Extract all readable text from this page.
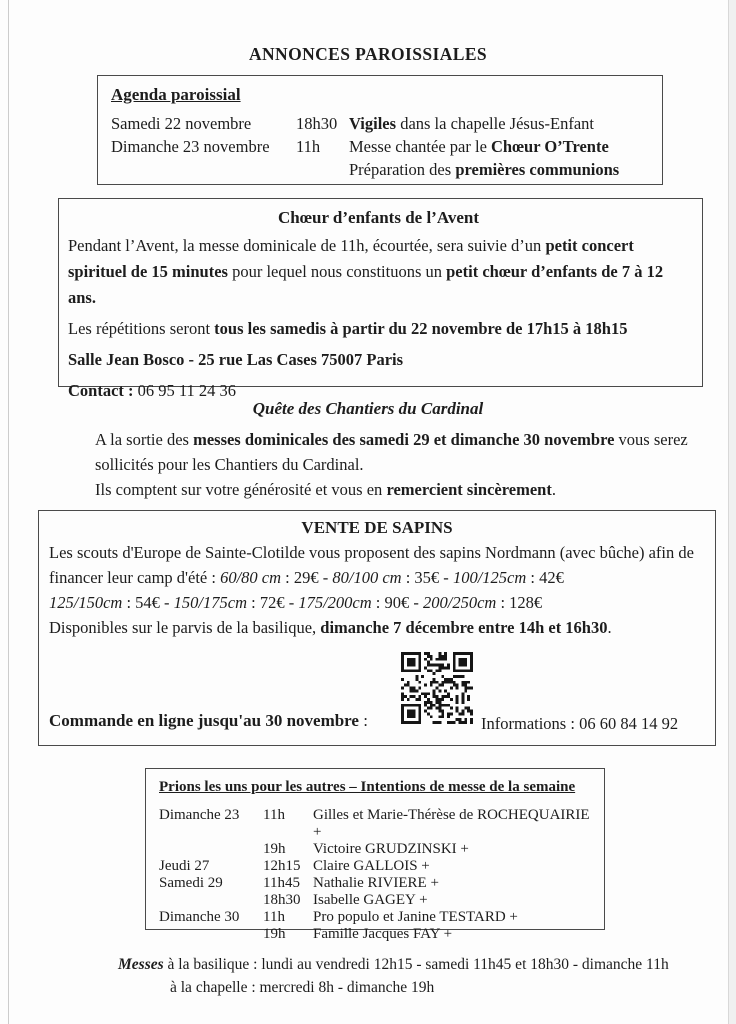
ANNONCES PAROISSIALES
Agenda paroissial
Samedi 22 novembre	18h30 Vigiles dans la chapelle Jésus-Enfant
Dimanche 23 novembre	11h	Messe chantée par le Chœur O’Trente
Préparation des premières communions
Chœur d’enfants de l’Avent

Pendant l’Avent, la messe dominicale de 11h, écourtée, sera suivie d’un petit concert spirituel de 15 minutes pour lequel nous constituons un petit chœur d’enfants de 7 à 12 ans.

Les répétitions seront tous les samedis à partir du 22 novembre de 17h15 à 18h15

Salle Jean Bosco - 25 rue Las Cases 75007 Paris

Contact : 06 95 11 24 36

Quête des Chantiers du Cardinal
A la sortie des messes dominicales des samedi 29 et dimanche 30 novembre vous serez sollicités pour les Chantiers du Cardinal.
Ils comptent sur votre générosité et vous en remercient sincèrement.
VENTE DE SAPINS

Les scouts d'Europe de Sainte-Clotilde vous proposent des sapins Nordmann (avec bûche) afin de financer leur camp d'été : 60/80 cm : 29€ - 80/100 cm : 35€ - 100/125cm : 42€

125/150cm : 54€ - 150/175cm : 72€ - 175/200cm : 90€ - 200/250cm : 128€

Disponibles sur le parvis de la basilique, dimanche 7 décembre entre 14h et 16h30.

Commande en ligne jusqu'au 30 novembre :	Informations : 06 60 84 14 92
Prions les uns pour les autres – Intentions de messe de la semaine
Dimanche 23	11h	Gilles et Marie-Thérèse de ROCHEQUAIRIE +
19h	Victoire GRUDZINSKI +
Jeudi 27	12h15 Claire GALLOIS +
Samedi 29	11h45 Nathalie RIVIERE +
18h30 Isabelle GAGEY +
Dimanche 30	11h	Pro populo et Janine TESTARD +
19h	Famille Jacques FAY +
Messes à la basilique : lundi au vendredi 12h15 - samedi 11h45 et 18h30 - dimanche 11h
à la chapelle : mercredi 8h - dimanche 19h
